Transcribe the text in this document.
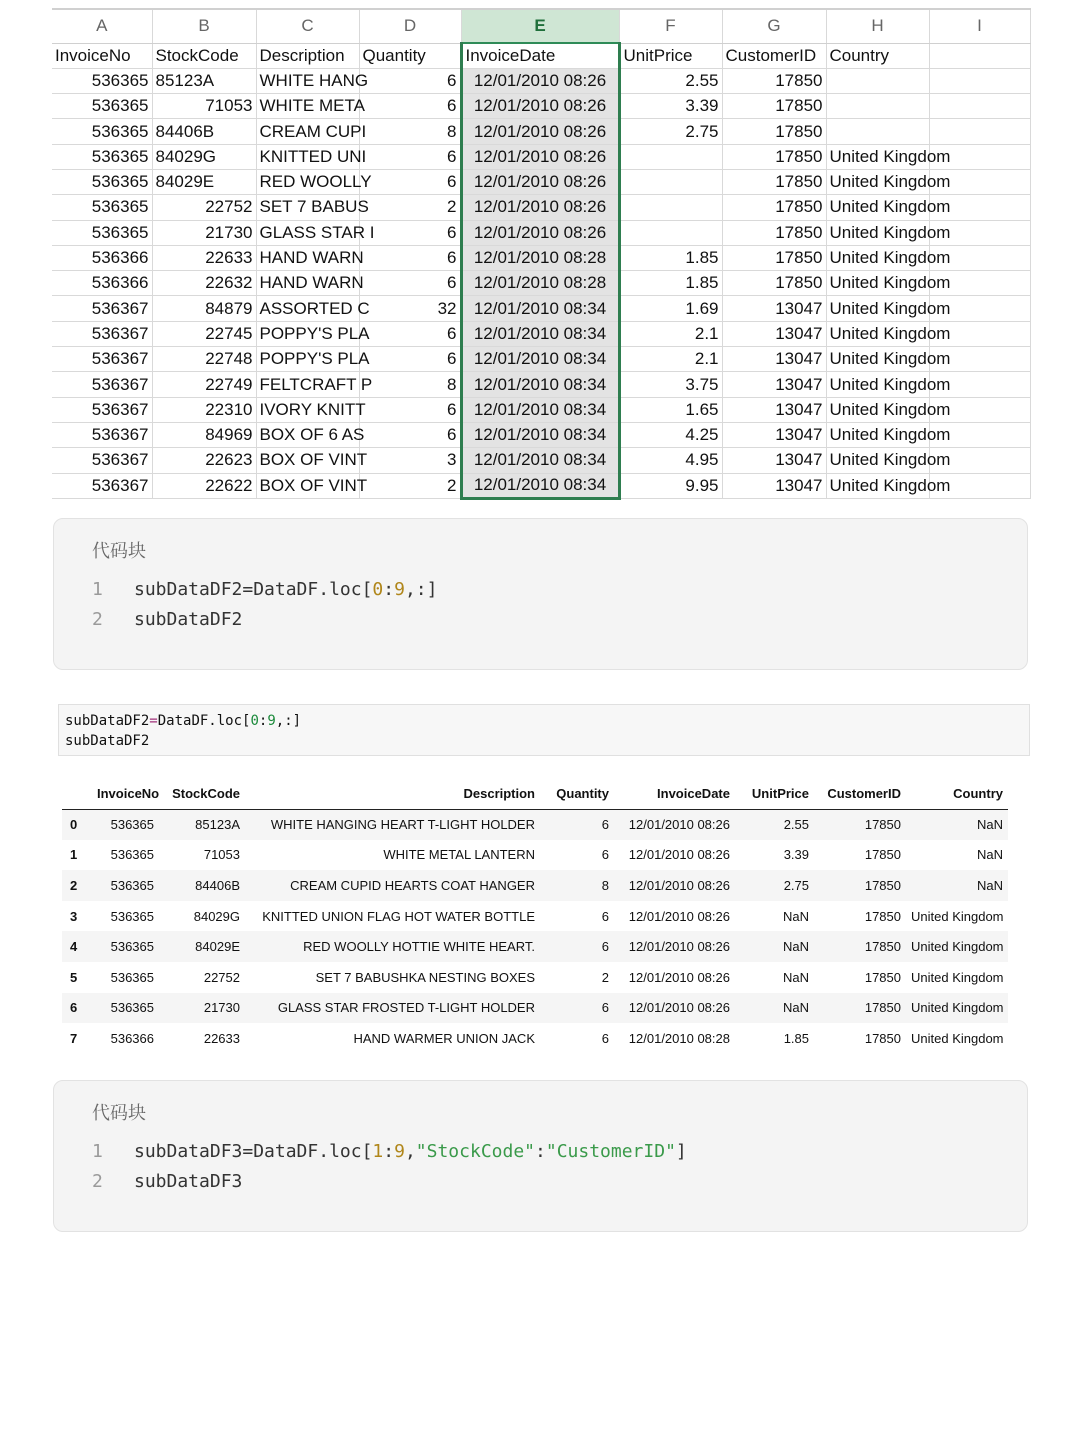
A	B	C	D	E	F	G	H	I
InvoiceNo	StockCode	Description	Quantity	InvoiceDate	UnitPrice	CustomerID	Country	
536365	85123A	WHITE HANG	6	12/01/2010 08:26	2.55	17850		
536365	71053	WHITE META	6	12/01/2010 08:26	3.39	17850		
536365	84406B	CREAM CUPI	8	12/01/2010 08:26	2.75	17850		
536365	84029G	KNITTED UNI	6	12/01/2010 08:26		17850	United Kingdom	
536365	84029E	RED WOOLLY	6	12/01/2010 08:26		17850	United Kingdom	
536365	22752	SET 7 BABUS	2	12/01/2010 08:26		17850	United Kingdom	
536365	21730	GLASS STAR I	6	12/01/2010 08:26		17850	United Kingdom	
536366	22633	HAND WARN	6	12/01/2010 08:28	1.85	17850	United Kingdom	
536366	22632	HAND WARN	6	12/01/2010 08:28	1.85	17850	United Kingdom	
536367	84879	ASSORTED C	32	12/01/2010 08:34	1.69	13047	United Kingdom	
536367	22745	POPPY'S PLA	6	12/01/2010 08:34	2.1	13047	United Kingdom	
536367	22748	POPPY'S PLA	6	12/01/2010 08:34	2.1	13047	United Kingdom	
536367	22749	FELTCRAFT P	8	12/01/2010 08:34	3.75	13047	United Kingdom	
536367	22310	IVORY KNITT	6	12/01/2010 08:34	1.65	13047	United Kingdom	
536367	84969	BOX OF 6 AS	6	12/01/2010 08:34	4.25	13047	United Kingdom	
536367	22623	BOX OF VINT	3	12/01/2010 08:34	4.95	13047	United Kingdom	
536367	22622	BOX OF VINT	2	12/01/2010 08:34	9.95	13047	United Kingdom	
代码块
1 subDataDF2=DataDF.loc[0:9,:]
2 subDataDF2
subDataDF2=DataDF.loc[0:9,:]
subDataDF2
	InvoiceNo	StockCode	Description	Quantity	InvoiceDate	UnitPrice	CustomerID	Country
0	536365	85123A	WHITE HANGING HEART T-LIGHT HOLDER	6	12/01/2010 08:26	2.55	17850	NaN
1	536365	71053	WHITE METAL LANTERN	6	12/01/2010 08:26	3.39	17850	NaN
2	536365	84406B	CREAM CUPID HEARTS COAT HANGER	8	12/01/2010 08:26	2.75	17850	NaN
3	536365	84029G	KNITTED UNION FLAG HOT WATER BOTTLE	6	12/01/2010 08:26	NaN	17850	United Kingdom
4	536365	84029E	RED WOOLLY HOTTIE WHITE HEART.	6	12/01/2010 08:26	NaN	17850	United Kingdom
5	536365	22752	SET 7 BABUSHKA NESTING BOXES	2	12/01/2010 08:26	NaN	17850	United Kingdom
6	536365	21730	GLASS STAR FROSTED T-LIGHT HOLDER	6	12/01/2010 08:26	NaN	17850	United Kingdom
7	536366	22633	HAND WARMER UNION JACK	6	12/01/2010 08:28	1.85	17850	United Kingdom
代码块
1 subDataDF3=DataDF.loc[1:9,"StockCode":"CustomerID"]
2 subDataDF3
